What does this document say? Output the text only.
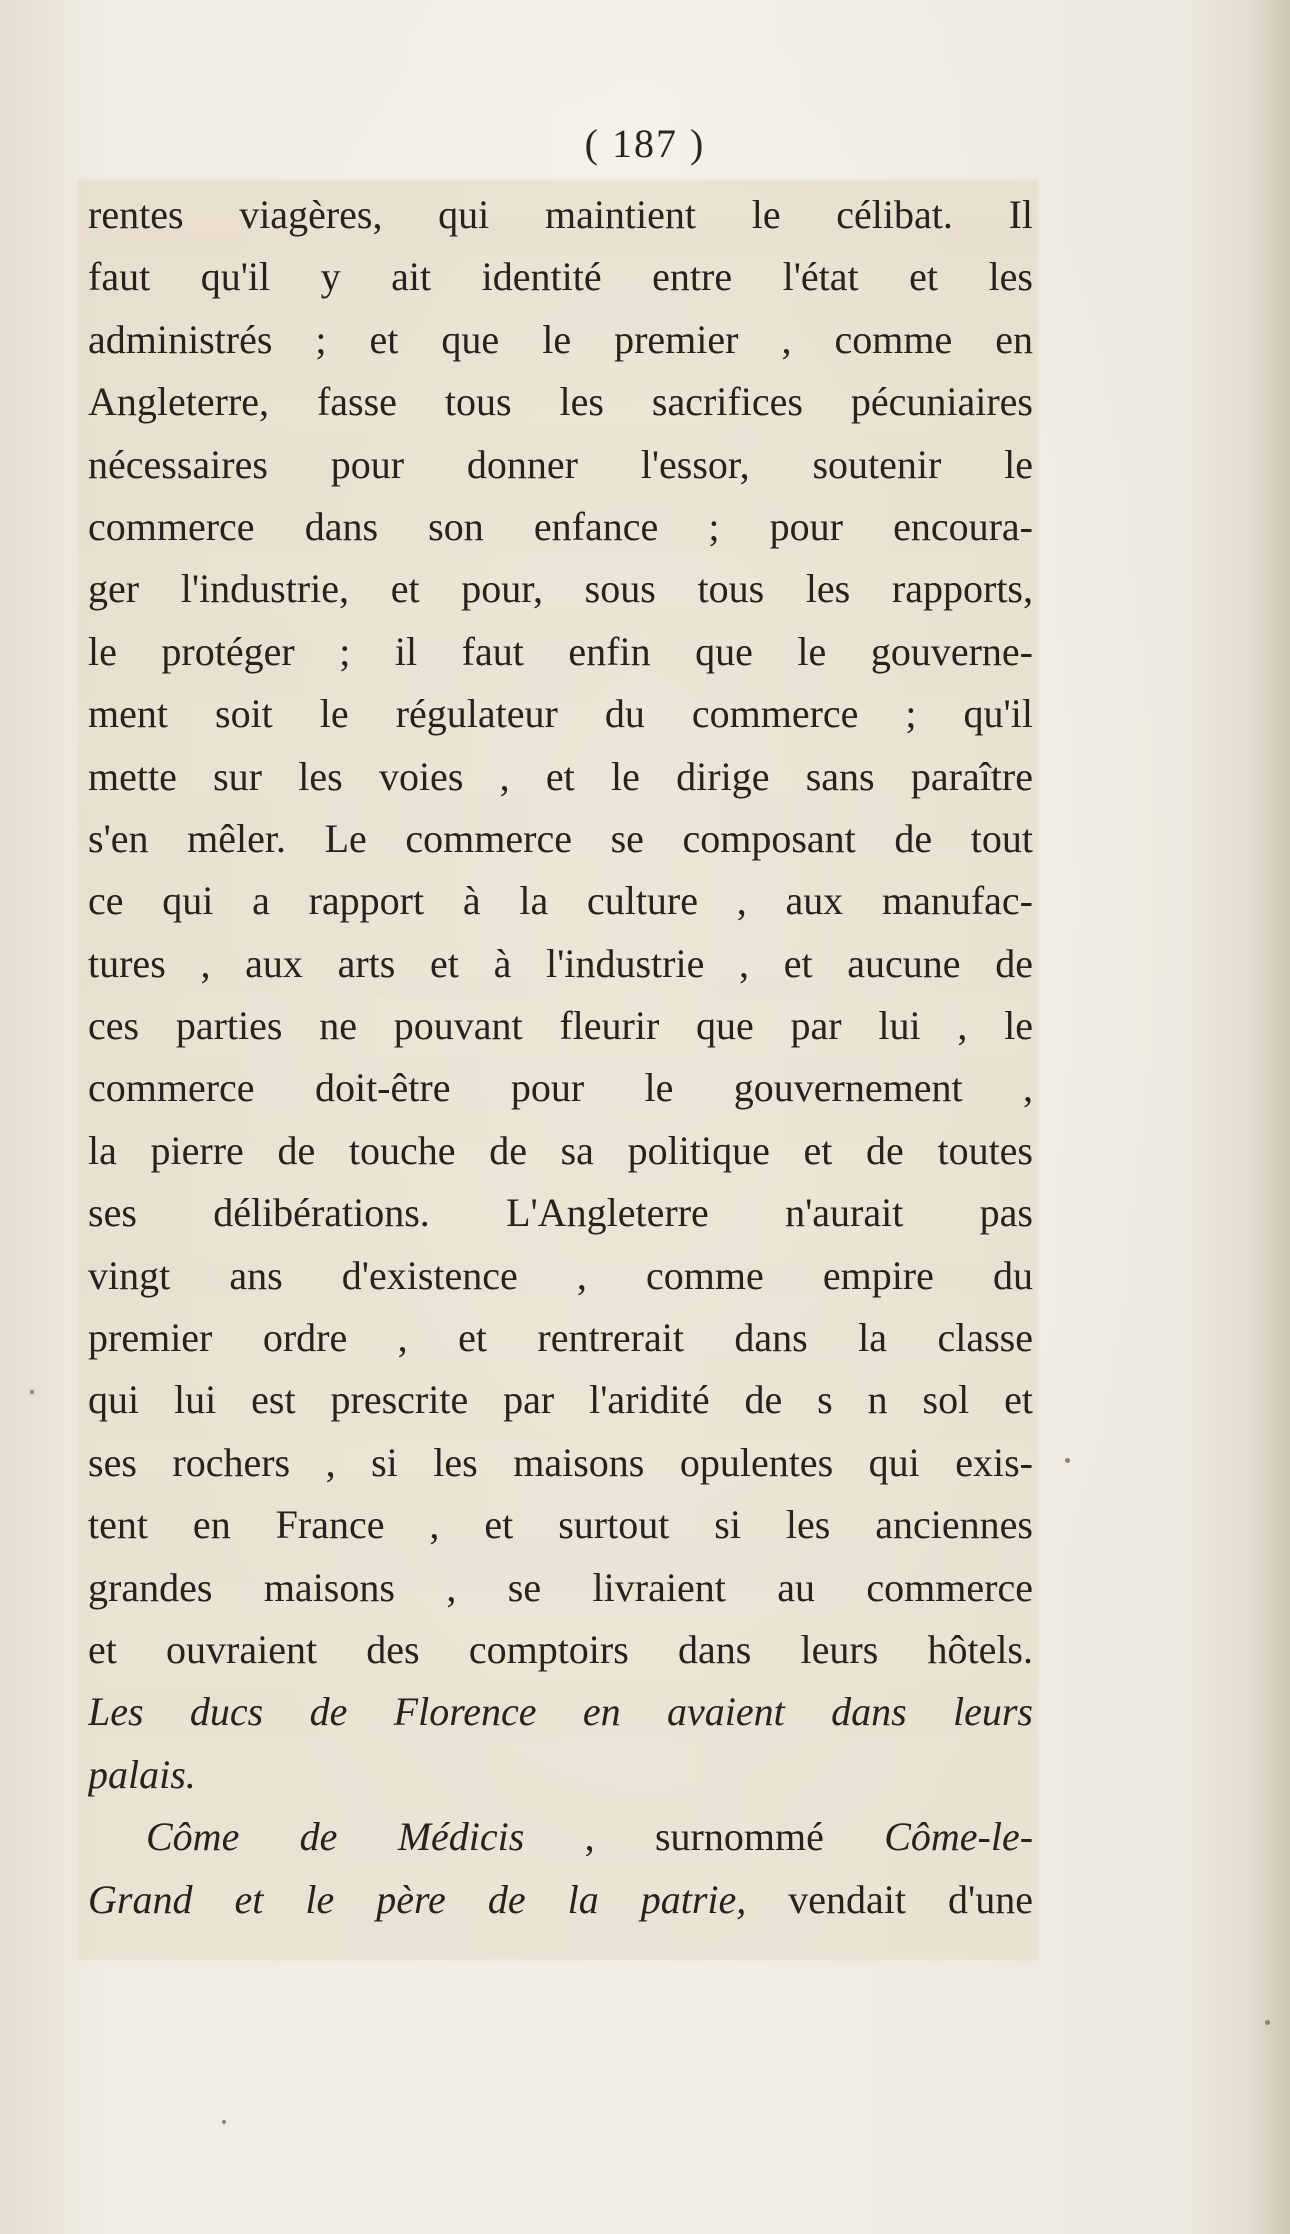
( 187 )
rentes viagères, qui maintient le célibat. Il
faut qu'il y ait identité entre l'état et les
administrés ; et que le premier , comme en
Angleterre, fasse tous les sacrifices pécuniaires
nécessaires pour donner l'essor, soutenir le
commerce dans son enfance ; pour encoura-
ger l'industrie, et pour, sous tous les rapports,
le protéger ; il faut enfin que le gouverne-
ment soit le régulateur du commerce ; qu'il
mette sur les voies , et le dirige sans paraître
s'en mêler. Le commerce se composant de tout
ce qui a rapport à la culture , aux manufac-
tures , aux arts et à l'industrie , et aucune de
ces parties ne pouvant fleurir que par lui , le
commerce doit-être pour le gouvernement ,
la pierre de touche de sa politique et de toutes
ses délibérations. L'Angleterre n'aurait pas
vingt ans d'existence , comme empire du
premier ordre , et rentrerait dans la classe
qui lui est prescrite par l'aridité de s n sol et
ses rochers , si les maisons opulentes qui exis-
tent en France , et surtout si les anciennes
grandes maisons , se livraient au commerce
et ouvraient des comptoirs dans leurs hôtels.
Les ducs de Florence en avaient dans leurs
palais.
Côme de Médicis , surnommé Côme-le-
Grand et le père de la patrie, vendait d'une
